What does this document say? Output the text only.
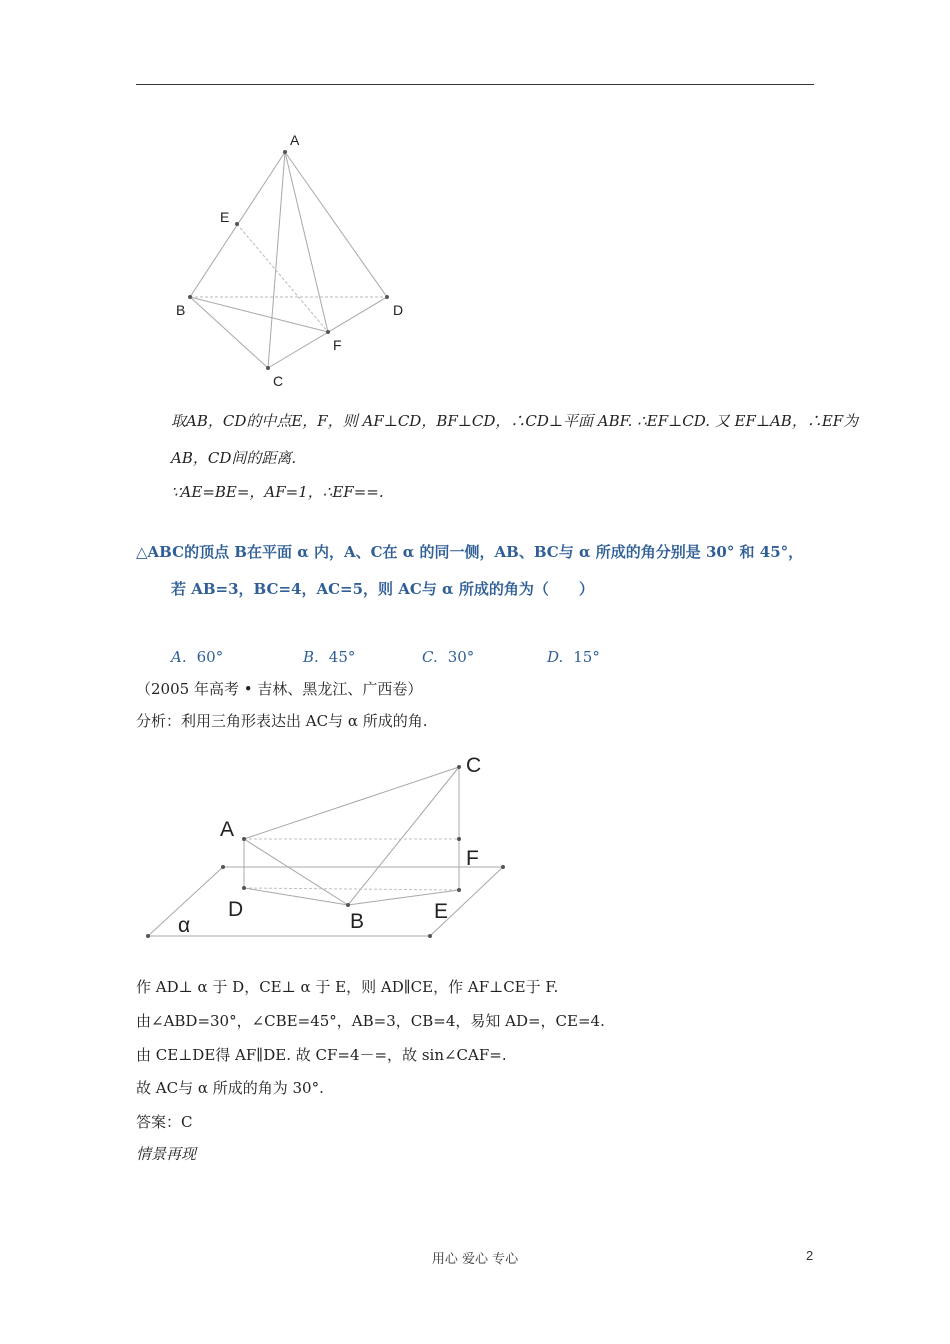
A
E
B	D
F
C
取AB，CD的中点E，F，则 AF⊥CD，BF⊥CD，∴CD⊥平面 ABF. ∴EF⊥CD. 又 EF⊥AB，∴EF为
AB，CD间的距离.
∵AE=BE=，AF=1，∴EF==.
△ABC的顶点 B在平面 α 内，A、C在 α 的同一侧，AB、BC与 α 所成的角分别是 30° 和 45°，
若 AB=3，BC=4，AC=5，则 AC与 α 所成的角为（　　）
A. 60°	B. 45°	C. 30°	D. 15°
（2005 年高考 • 吉林、黑龙江、广西卷）
分析：利用三角形表达出 AC与 α 所成的角.
C
A
F
D
B	E
α
作 AD⊥ α 于 D，CE⊥ α 于 E，则 AD∥CE，作 AF⊥CE于 F.
由∠ABD=30°，∠CBE=45°，AB=3，CB=4，易知 AD=，CE=4.
由 CE⊥DE得 AF∥DE. 故 CF=4－=，故 sin∠CAF=.
故 AC与 α 所成的角为 30°.
答案：C
情景再现
用心 爱心 专心	2
